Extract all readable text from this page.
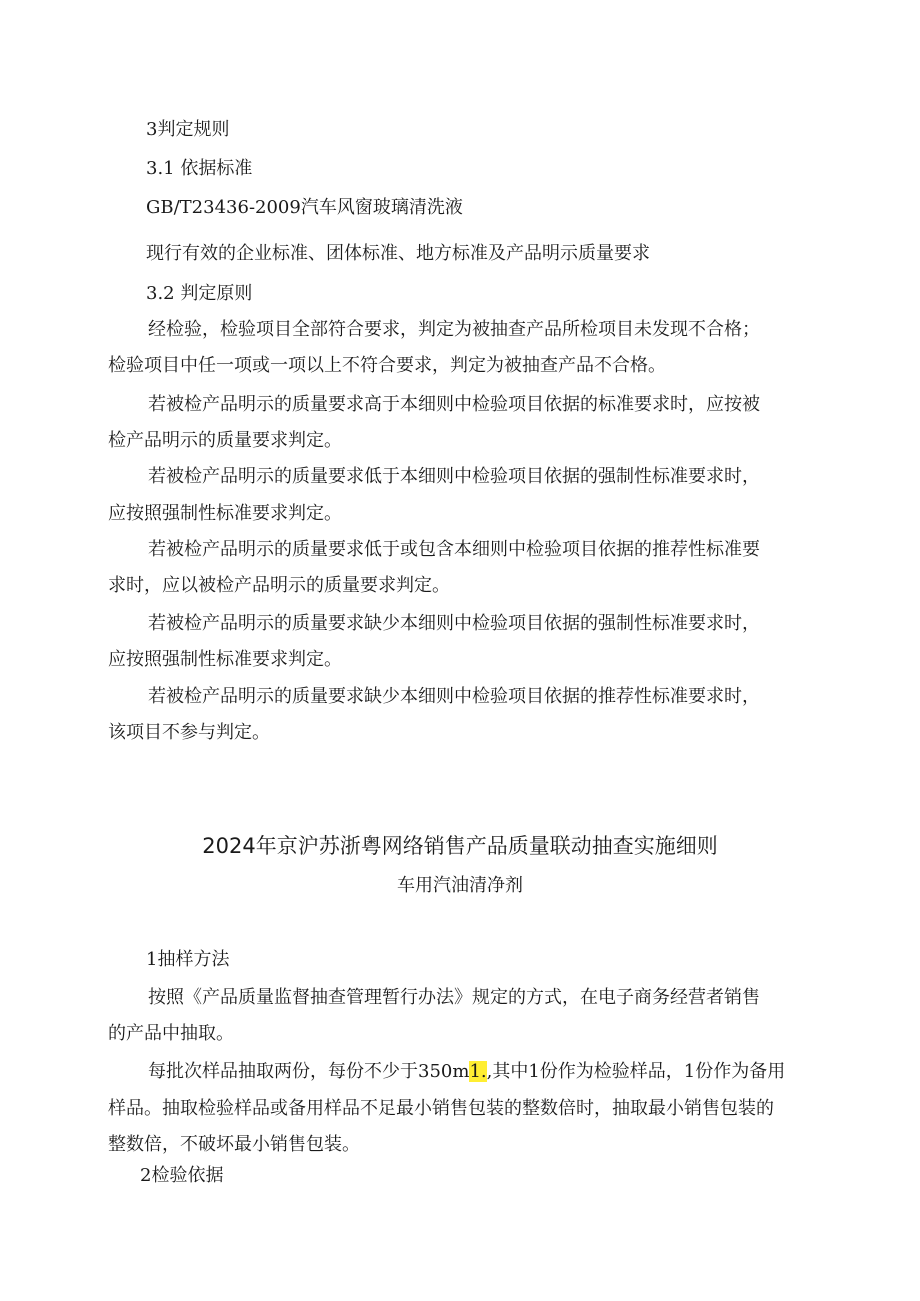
3判定规则
3.1 依据标准
GB/T23436-2009汽车风窗玻璃清洗液
现行有效的企业标准、团体标准、地方标准及产品明示质量要求
3.2 判定原则
经检验，检验项目全部符合要求，判定为被抽查产品所检项目未发现不合格；
检验项目中任一项或一项以上不符合要求，判定为被抽查产品不合格。
若被检产品明示的质量要求高于本细则中检验项目依据的标准要求时，应按被
检产品明示的质量要求判定。
若被检产品明示的质量要求低于本细则中检验项目依据的强制性标准要求时，
应按照强制性标准要求判定。
若被检产品明示的质量要求低于或包含本细则中检验项目依据的推荐性标准要
求时，应以被检产品明示的质量要求判定。
若被检产品明示的质量要求缺少本细则中检验项目依据的强制性标准要求时，
应按照强制性标准要求判定。
若被检产品明示的质量要求缺少本细则中检验项目依据的推荐性标准要求时，
该项目不参与判定。
2024年京沪苏浙粤网络销售产品质量联动抽查实施细则
车用汽油清净剂
1抽样方法
按照《产品质量监督抽查管理暂行办法》规定的方式，在电子商务经营者销售
的产品中抽取。
每批次样品抽取两份，每份不少于350m1.,其中1份作为检验样品，1份作为备用
样品。抽取检验样品或备用样品不足最小销售包装的整数倍时，抽取最小销售包装的
整数倍，不破坏最小销售包装。
2检验依据
